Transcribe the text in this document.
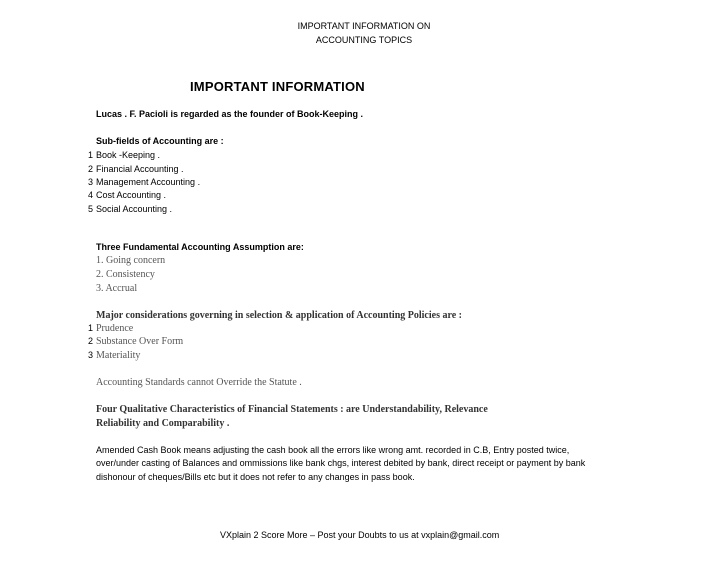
IMPORTANT INFORMATION ON
ACCOUNTING TOPICS
IMPORTANT INFORMATION
Lucas . F. Pacioli is regarded as the founder of Book-Keeping .
Sub-fields of Accounting are :
1 Book -Keeping .
2 Financial Accounting .
3 Management Accounting .
4 Cost Accounting .
5 Social Accounting .
Three Fundamental Accounting Assumption are:
1. Going concern
2. Consistency
3. Accrual
Major considerations governing in selection & application of Accounting Policies are :
1 Prudence
2 Substance Over Form
3 Materiality
Accounting Standards cannot Override the Statute .
Four Qualitative Characteristics of Financial Statements : are Understandability, Relevance
Reliability and Comparability .
Amended Cash Book means adjusting the cash book all the errors like wrong amt. recorded in C.B, Entry posted twice,
over/under casting of Balances and ommissions like bank chgs, interest debited by bank, direct receipt or payment by bank
dishonour of cheques/Bills etc but it does not refer to any changes in pass book.
VXplain 2 Score More – Post your Doubts to us at vxplain@gmail.com
